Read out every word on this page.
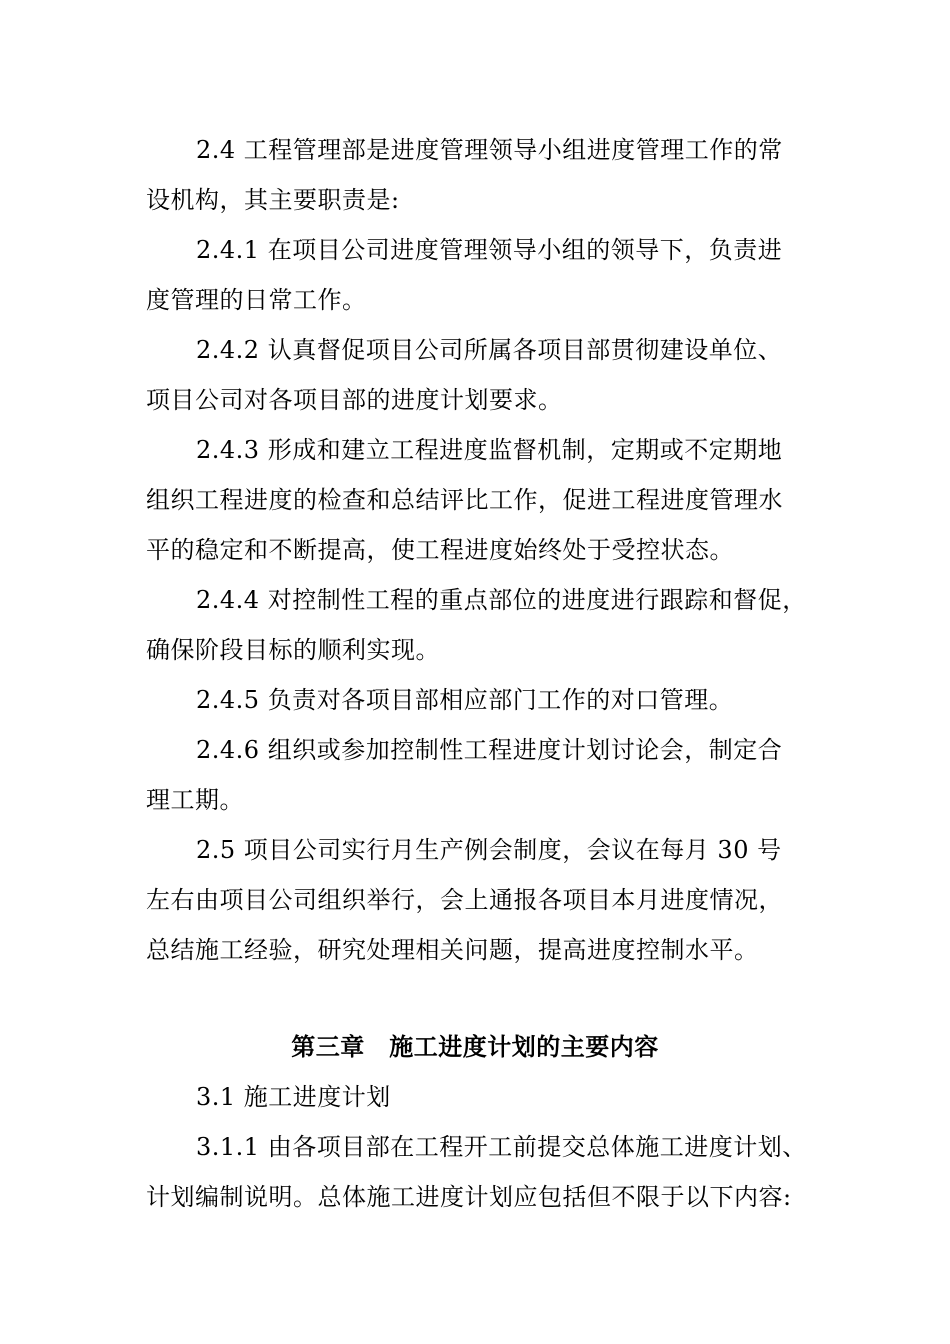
2.4 工程管理部是进度管理领导小组进度管理工作的常
设机构，其主要职责是:
2.4.1 在项目公司进度管理领导小组的领导下，负责进
度管理的日常工作。
2.4.2 认真督促项目公司所属各项目部贯彻建设单位、
项目公司对各项目部的进度计划要求。
2.4.3 形成和建立工程进度监督机制，定期或不定期地
组织工程进度的检查和总结评比工作，促进工程进度管理水
平的稳定和不断提高，使工程进度始终处于受控状态。
2.4.4 对控制性工程的重点部位的进度进行跟踪和督促，
确保阶段目标的顺利实现。
2.4.5 负责对各项目部相应部门工作的对口管理。
2.4.6 组织或参加控制性工程进度计划讨论会，制定合
理工期。
2.5 项目公司实行月生产例会制度，会议在每月 30 号
左右由项目公司组织举行，会上通报各项目本月进度情况，
总结施工经验，研究处理相关问题，提高进度控制水平。
第三章　施工进度计划的主要内容
3.1 施工进度计划
3.1.1 由各项目部在工程开工前提交总体施工进度计划、
计划编制说明。总体施工进度计划应包括但不限于以下内容:
